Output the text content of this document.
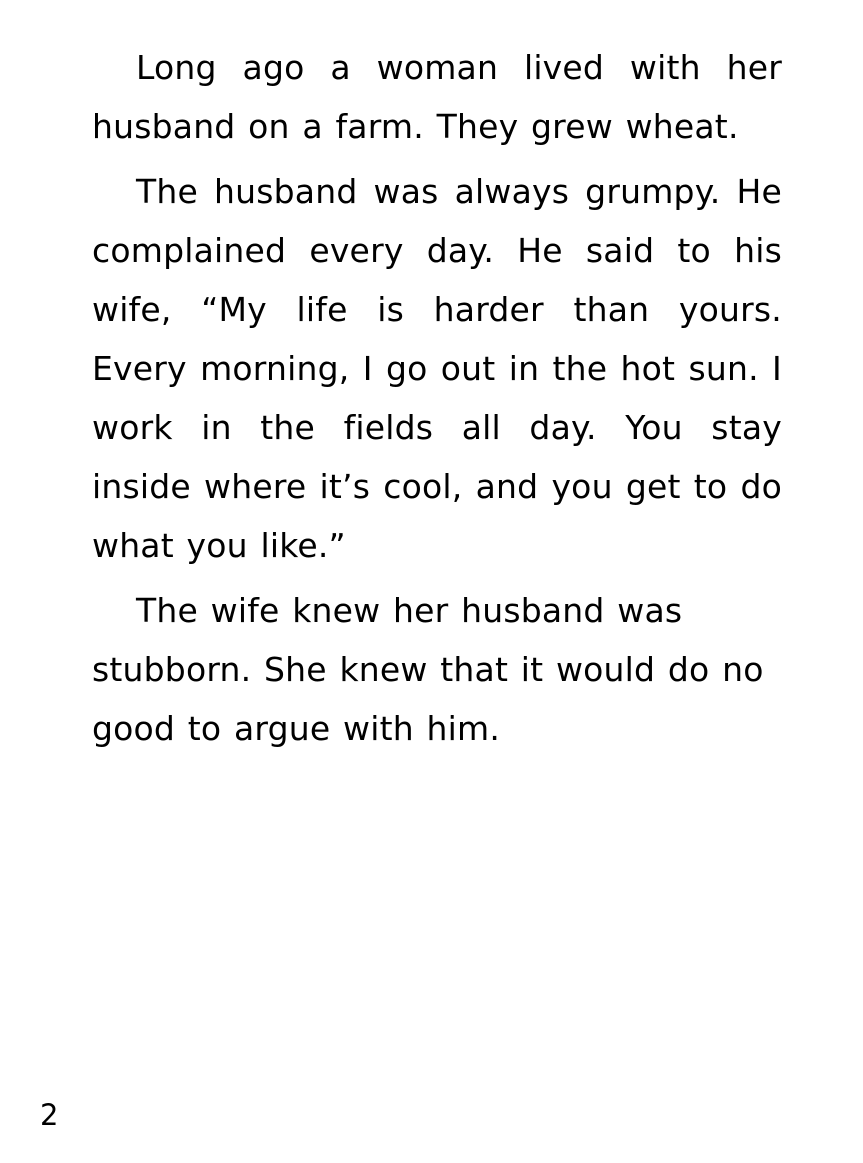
Long ago a woman lived with her husband on a farm. They grew wheat.

The husband was always grumpy. He complained every day. He said to his wife, “My life is harder than yours. Every morning, I go out in the hot sun. I work in the fields all day. You stay inside where it’s cool, and you get to do what you like.”

The wife knew her husband was stubborn. She knew that it would do no good to argue with him.

2
